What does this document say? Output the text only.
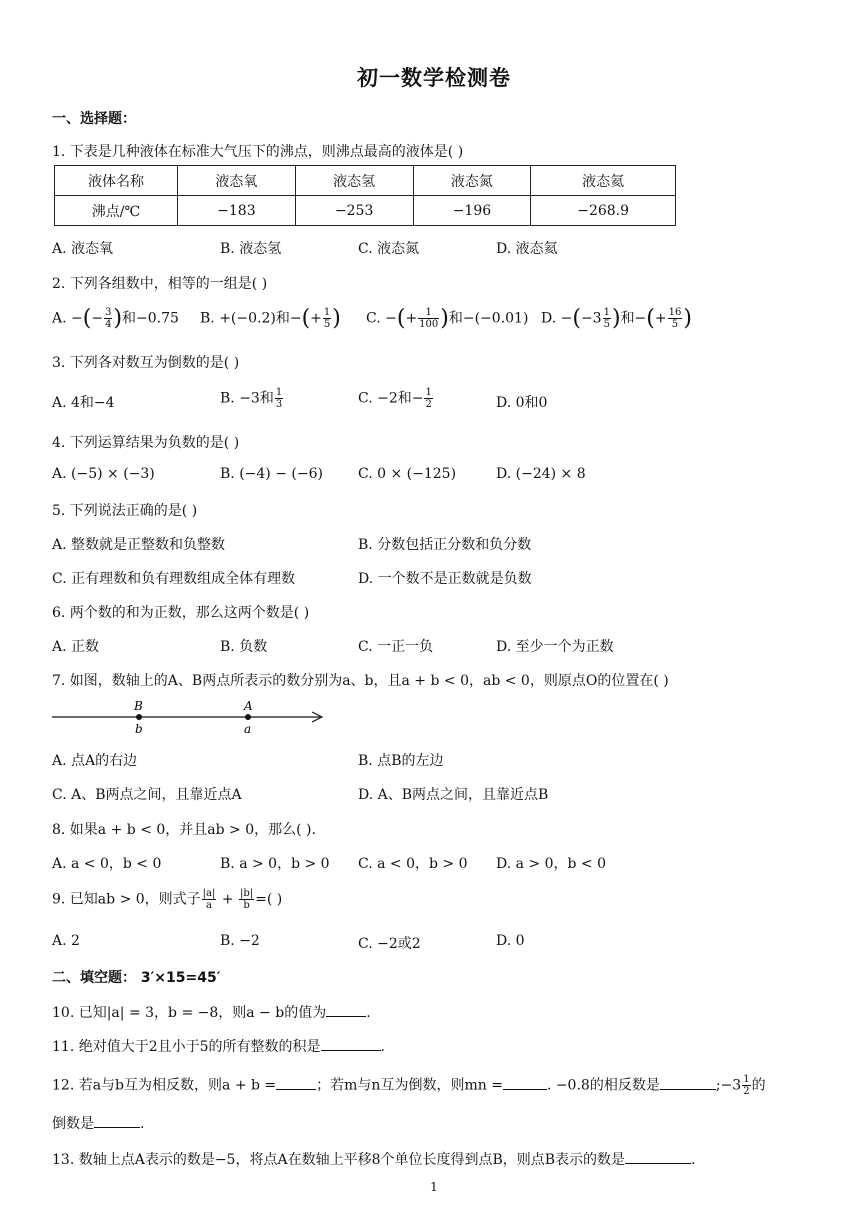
初一数学检测卷
一、选择题：
1. 下表是几种液体在标准大气压下的沸点，则沸点最高的液体是( )
液体名称	液态氧	液态氢	液态氮	液态氦
沸点/℃	−183	−253	−196	−268.9
A. 液态氧	B. 液态氢	C. 液态氮	D. 液态氦
2. 下列各组数中，相等的一组是( )
A. −(− $\frac{3}{4}$ )和−0.75 B. +(−0.2)和−(+ $\frac{1}{5}$ ) C. −(+ $\frac{1}{100}$ )和−(−0.01) D. $-(-3 \frac{1}{5}$ )和−(+ $\frac{16}{5}$ )
3. 下列各对数互为倒数的是( )
A. 4和−4	B. −3和 $\frac{1}{3}$	C. −2和− $\frac{1}{2}$	D. 0和0
4. 下列运算结果为负数的是( )
A. (−5) × (−3)	B. (−4) − (−6)	C. 0 × (−125)	D. (−24) × 8
5. 下列说法正确的是( )
A. 整数就是正整数和负整数	B. 分数包括正分数和负分数
C. 正有理数和负有理数组成全体有理数	D. 一个数不是正数就是负数
6. 两个数的和为正数，那么这两个数是( )
A. 正数	B. 负数	C. 一正一负	D. 至少一个为正数
7. 如图，数轴上的A、B两点所表示的数分别为a、b，且a + b < 0，ab < 0，则原点O的位置在( )
B
b
A
a
A. 点A的右边	B. 点B的左边
C. A、B两点之间，且靠近点A	D. A、B两点之间，且靠近点B
8. 如果a + b < 0，并且ab > 0，那么( ).
A. a < 0，b < 0	B. a > 0，b > 0 C. a < 0，b > 0 D. a > 0，b < 0
9. 已知ab > 0，则式子 $\frac{|a|}{a} + \frac{|b|}{b}$ =( )
A. 2	B. −2	C. −2或2	D. 0
二、填空题： 3′×15=45′
10. 已知|a| = 3，b = −8，则a − b的值为	.
11. 绝对值大于2且小于5的所有整数的积是	.
12. 若a与b互为相反数，则a + b =	；若m与n互为倒数，则mn =	. −0.8的相反数是	;−3 $\frac{1}{2}$ 的
倒数是	.
13. 数轴上点A表示的数是−5，将点A在数轴上平移8个单位长度得到点B，则点B表示的数是	.
1
